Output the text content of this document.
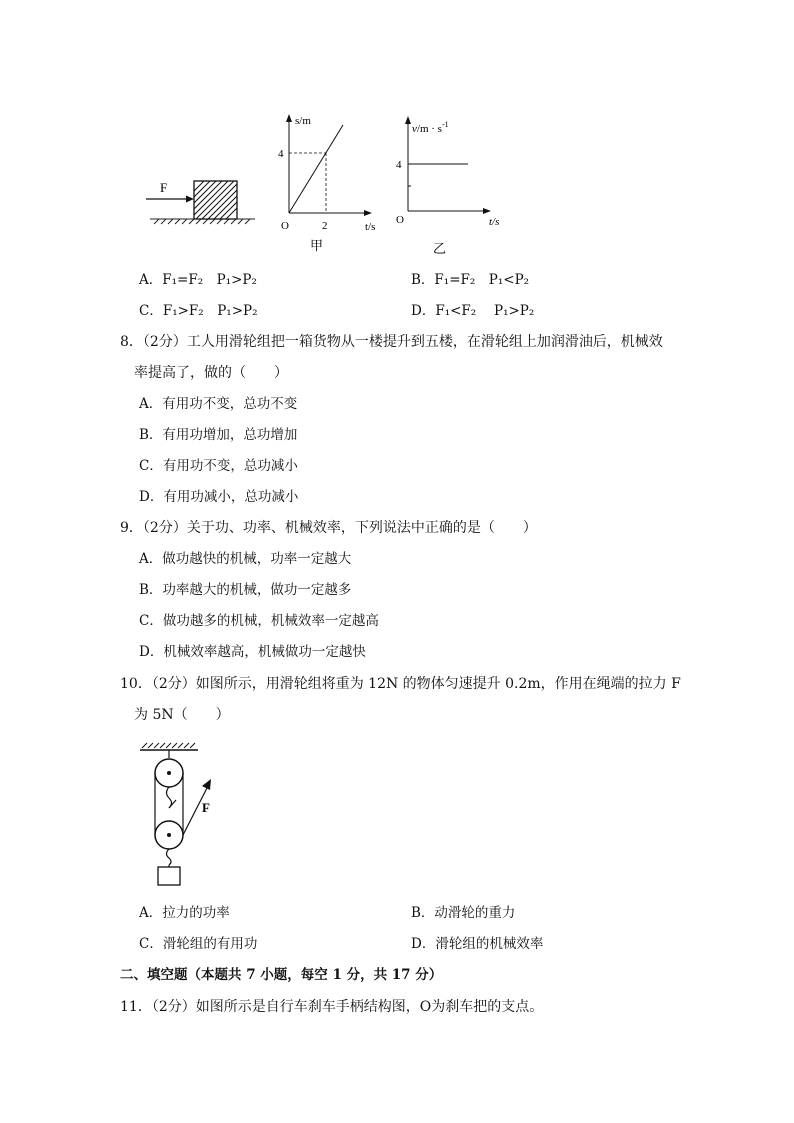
F
s/m
t/s
O
4
2
甲
$v/m \cdot s^{-1}$
t/s
O
4
乙
A．F₁=F₂　P₁>P₂	B．F₁=F₂　P₁<P₂
C．F₁>F₂　P₁>P₂	D．F₁<F₂　 P₁>P₂
8．（2分）工人用滑轮组把一箱货物从一楼提升到五楼，在滑轮组上加润滑油后，机械效
率提高了，做的（　　）
A．有用功不变，总功不变
B．有用功增加，总功增加
C．有用功不变，总功减小
D．有用功减小，总功减小
9．（2分）关于功、功率、机械效率，下列说法中正确的是（　　）
A．做功越快的机械，功率一定越大
B．功率越大的机械，做功一定越多
C．做功越多的机械，机械效率一定越高
D．机械效率越高，机械做功一定越快
10．（2分）如图所示，用滑轮组将重为 12N 的物体匀速提升 0.2m，作用在绳端的拉力 F
为 5N（　　）
F
A．拉力的功率	B．动滑轮的重力
C．滑轮组的有用功	D．滑轮组的机械效率
二、填空题（本题共 7 小题，每空 1 分，共 17 分）
11．（2分）如图所示是自行车刹车手柄结构图，O为刹车把的支点。
